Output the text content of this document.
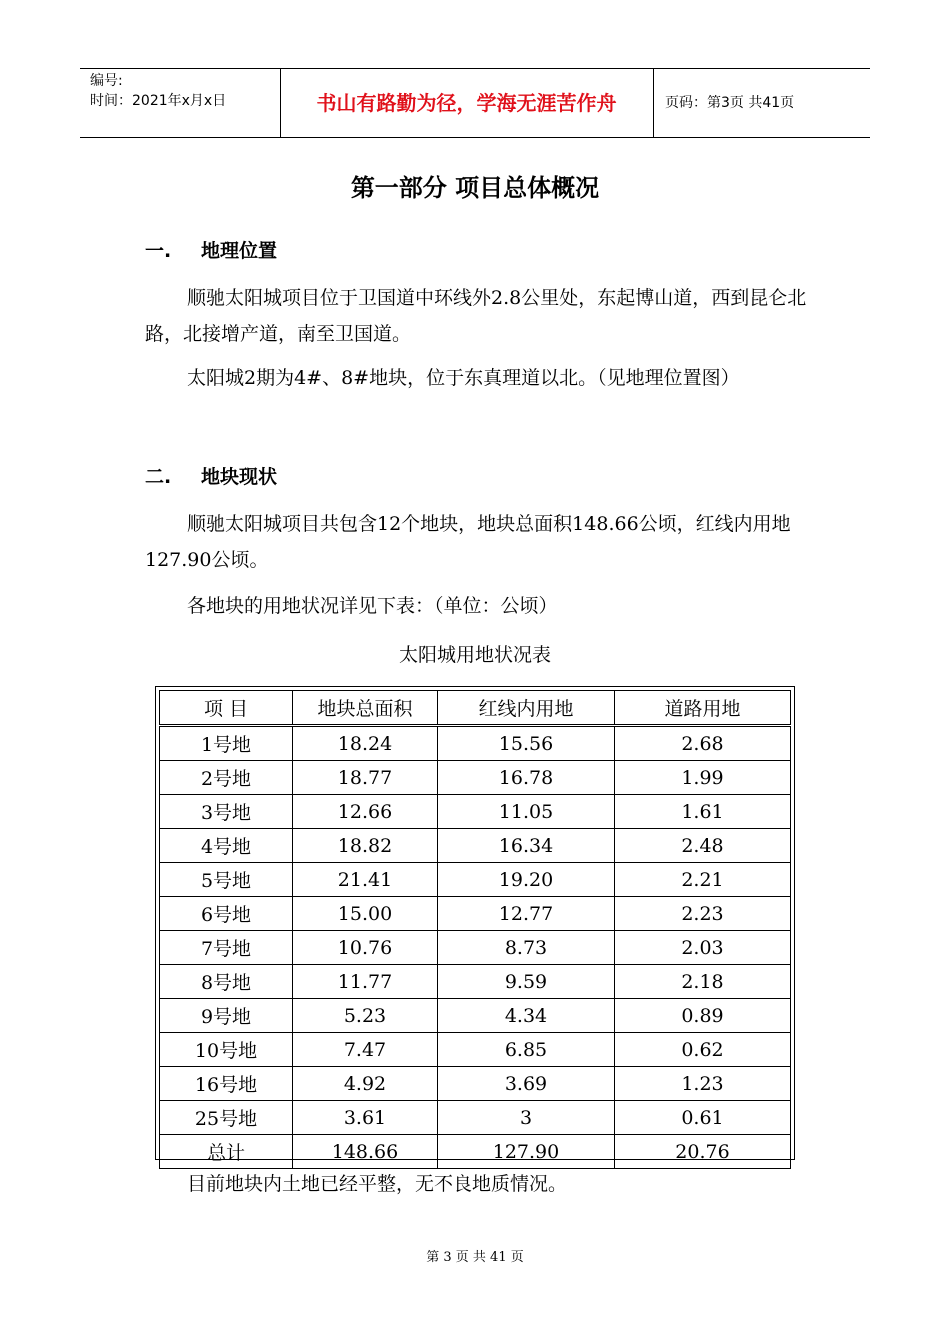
编号:
时间：2021年x月x日	书山有路勤为径，学海无涯苦作舟	页码：第3页 共41页
第一部分 项目总体概况
一. 地理位置
顺驰太阳城项目位于卫国道中环线外2.8公里处，东起博山道，西到昆仑北路，北接增产道，南至卫国道。
太阳城2期为4#、8#地块，位于东真理道以北。（见地理位置图）
二. 地块现状
顺驰太阳城项目共包含12个地块，地块总面积148.66公顷，红线内用地127.90公顷。
各地块的用地状况详见下表：（单位：公顷）
太阳城用地状况表
项 目	地块总面积	红线内用地	道路用地
1号地	18.24	15.56	2.68
2号地	18.77	16.78	1.99
3号地	12.66	11.05	1.61
4号地	18.82	16.34	2.48
5号地	21.41	19.20	2.21
6号地	15.00	12.77	2.23
7号地	10.76	8.73	2.03
8号地	11.77	9.59	2.18
9号地	5.23	4.34	0.89
10号地	7.47	6.85	0.62
16号地	4.92	3.69	1.23
25号地	3.61	3	0.61
总计	148.66	127.90	20.76
目前地块内土地已经平整，无不良地质情况。
第 3 页 共 41 页
